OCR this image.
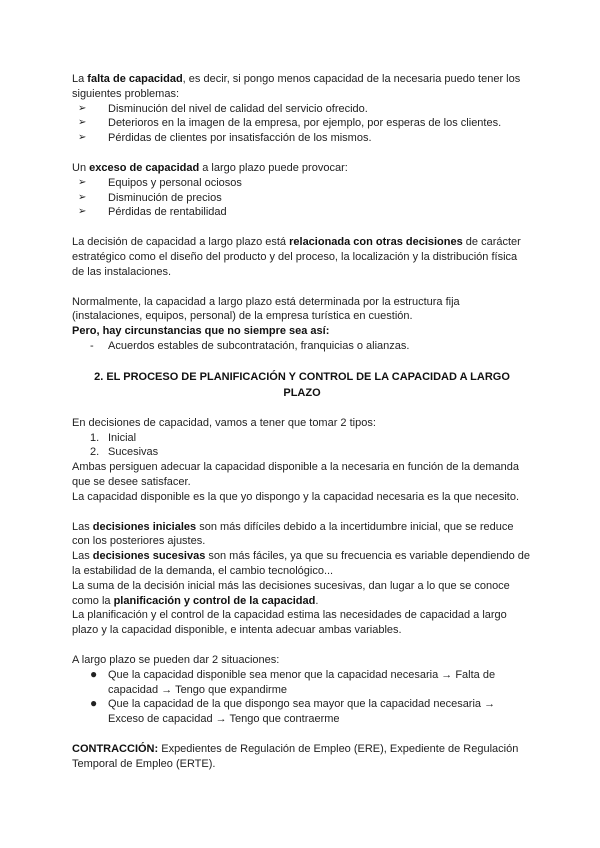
La falta de capacidad, es decir, si pongo menos capacidad de la necesaria puedo tener los siguientes problemas:

➢ Disminución del nivel de calidad del servicio ofrecido.
➢ Deterioros en la imagen de la empresa, por ejemplo, por esperas de los clientes.
➢ Pérdidas de clientes por insatisfacción de los mismos.

Un exceso de capacidad a largo plazo puede provocar:

➢ Equipos y personal ociosos
➢ Disminución de precios
➢ Pérdidas de rentabilidad

La decisión de capacidad a largo plazo está relacionada con otras decisiones de carácter estratégico como el diseño del producto y del proceso, la localización y la distribución física de las instalaciones.

Normalmente, la capacidad a largo plazo está determinada por la estructura fija (instalaciones, equipos, personal) de la empresa turística en cuestión.

Pero, hay circunstancias que no siempre sea así:

- Acuerdos estables de subcontratación, franquicias o alianzas.
2. EL PROCESO DE PLANIFICACIÓN Y CONTROL DE LA CAPACIDAD A LARGO PLAZO

En decisiones de capacidad, vamos a tener que tomar 2 tipos:

1. Inicial
2. Sucesivas

Ambas persiguen adecuar la capacidad disponible a la necesaria en función de la demanda que se desee satisfacer.

La capacidad disponible es la que yo dispongo y la capacidad necesaria es la que necesito.

Las decisiones iniciales son más difíciles debido a la incertidumbre inicial, que se reduce con los posteriores ajustes.

Las decisiones sucesivas son más fáciles, ya que su frecuencia es variable dependiendo de la estabilidad de la demanda, el cambio tecnológico...

La suma de la decisión inicial más las decisiones sucesivas, dan lugar a lo que se conoce como la planificación y control de la capacidad.

La planificación y el control de la capacidad estima las necesidades de capacidad a largo plazo y la capacidad disponible, e intenta adecuar ambas variables.

A largo plazo se pueden dar 2 situaciones:

● Que la capacidad disponible sea menor que la capacidad necesaria → Falta de capacidad → Tengo que expandirme
● Que la capacidad de la que dispongo sea mayor que la capacidad necesaria → Exceso de capacidad → Tengo que contraerme

CONTRACCIÓN: Expedientes de Regulación de Empleo (ERE), Expediente de Regulación Temporal de Empleo (ERTE).
